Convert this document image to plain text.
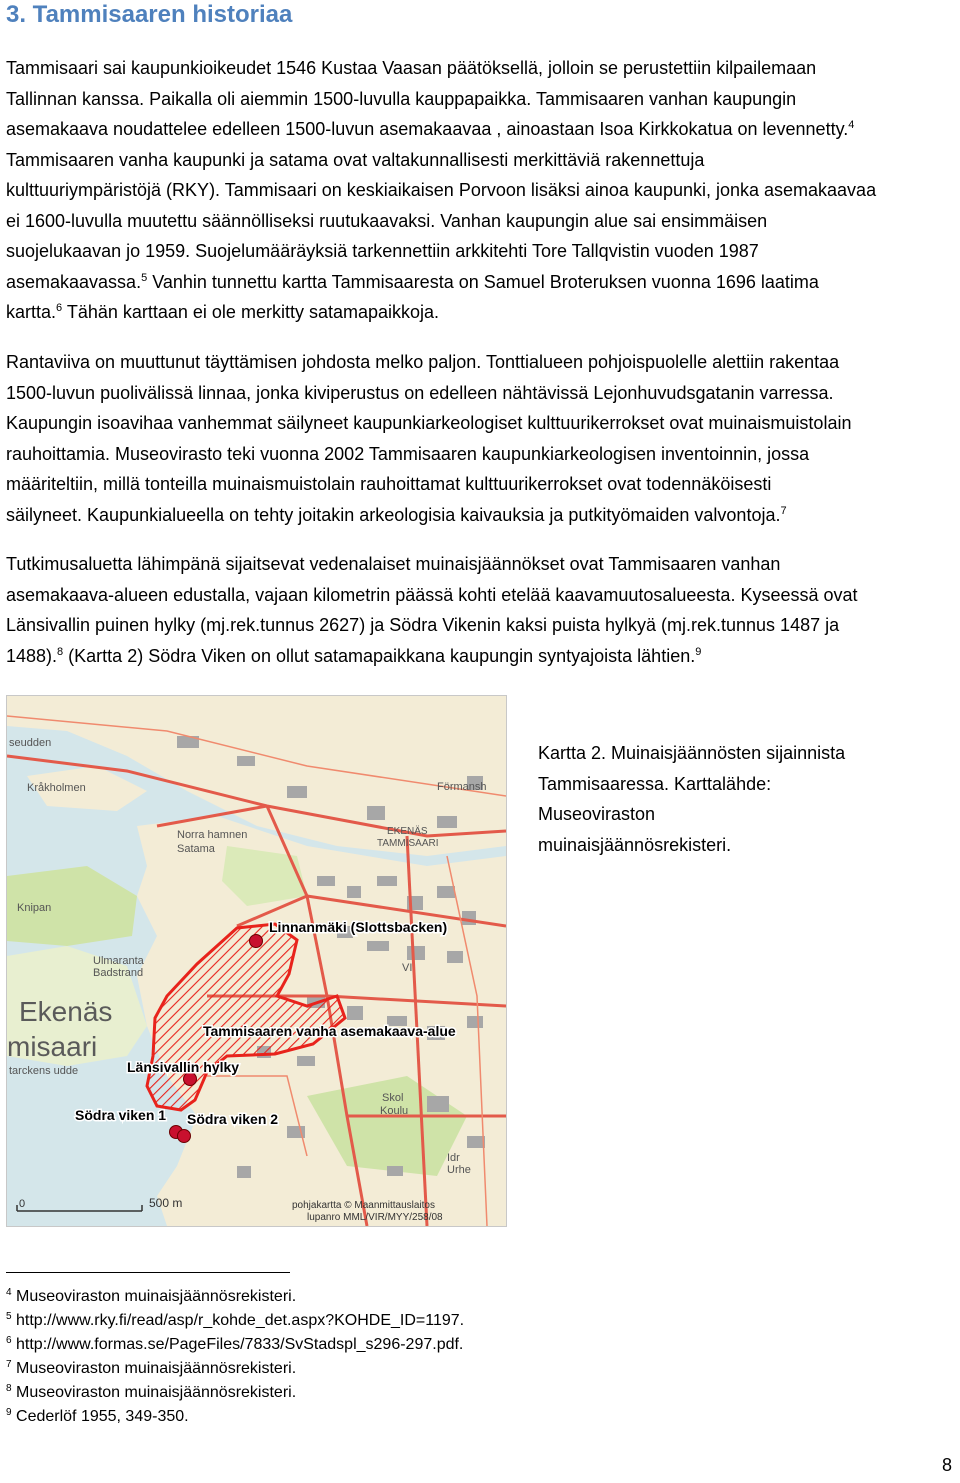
3. Tammisaaren historiaa
Tammisaari sai kaupunkioikeudet 1546 Kustaa Vaasan päätöksellä, jolloin se perustettiin kilpailemaan
Tallinnan kanssa. Paikalla oli aiemmin 1500-luvulla kauppapaikka. Tammisaaren vanhan kaupungin
asemakaava noudattelee edelleen 1500-luvun asemakaavaa , ainoastaan Isoa Kirkkokatua on levennetty.$^4$
Tammisaaren vanha kaupunki ja satama ovat valtakunnallisesti merkittäviä rakennettuja
kulttuuriympäristöjä (RKY). Tammisaari on keskiaikaisen Porvoon lisäksi ainoa kaupunki, jonka asemakaavaa
ei 1600-luvulla muutettu säännölliseksi ruutukaavaksi. Vanhan kaupungin alue sai ensimmäisen
suojelukaavan jo 1959. Suojelumääräyksiä tarkennettiin arkkitehti Tore Tallqvistin vuoden 1987
asemakaavassa.$^5$ Vanhin tunnettu kartta Tammisaaresta on Samuel Broteruksen vuonna 1696 laatima
kartta.$^6$ Tähän karttaan ei ole merkitty satamapaikkoja.
Rantaviiva on muuttunut täyttämisen johdosta melko paljon. Tonttialueen pohjoispuolelle alettiin rakentaa
1500-luvun puolivälissä linnaa, jonka kiviperustus on edelleen nähtävissä Lejonhuvudsgatanin varressa.
Kaupungin isoavihaa vanhemmat säilyneet kaupunkiarkeologiset kulttuurikerrokset ovat muinaismuistolain
rauhoittamia. Museovirasto teki vuonna 2002 Tammisaaren kaupunkiarkeologisen inventoinnin, jossa
määriteltiin, millä tonteilla muinaismuistolain rauhoittamat kulttuurikerrokset ovat todennäköisesti
säilyneet. Kaupunkialueella on tehty joitakin arkeologisia kaivauksia ja putkityömaiden valvontoja.$^7$
Tutkimusaluetta lähimpänä sijaitsevat vedenalaiset muinaisjäännökset ovat Tammisaaren vanhan
asemakaava-alueen edustalla, vajaan kilometrin päässä kohti etelää kaavamuutosalueesta. Kyseessä ovat
Länsivallin puinen hylky (mj.rek.tunnus 2627) ja Södra Vikenin kaksi puista hylkyä (mj.rek.tunnus 1487 ja
1488).$^8$ (Kartta 2) Södra Viken on ollut satamapaikkana kaupungin syntyajoista lähtien.$^9$
seudden
Kråkholmen	Förmansh
Norra hamnen
Satama
EKENÄS
TAMMISAARI
Knipan
Ulmaranta
Badstrand
Ekenäs
misaari
tarckens udde
VI
Skol
Koulu
Idr
Urhe
pohjakartta © Maanmittauslaitos
lupanro MML/VIR/MYY/258/08
0	500 m
Linnanmäki (Slottsbacken)
Tammisaaren vanha asemakaava-alue
Länsivallin hylky
Södra viken 1 Södra viken 2
Kartta 2. Muinaisjäännösten sijainnista
Tammisaaressa. Karttalähde:
Museoviraston
muinaisjäännösrekisteri.
$^4$ Museoviraston muinaisjäännösrekisteri.
$^5$ http://www.rky.fi/read/asp/r_kohde_det.aspx?KOHDE_ID=1197.
$^6$ http://www.formas.se/PageFiles/7833/SvStadspl_s296-297.pdf.
$^7$ Museoviraston muinaisjäännösrekisteri.
$^8$ Museoviraston muinaisjäännösrekisteri.
$^9$ Cederlöf 1955, 349-350.
8
